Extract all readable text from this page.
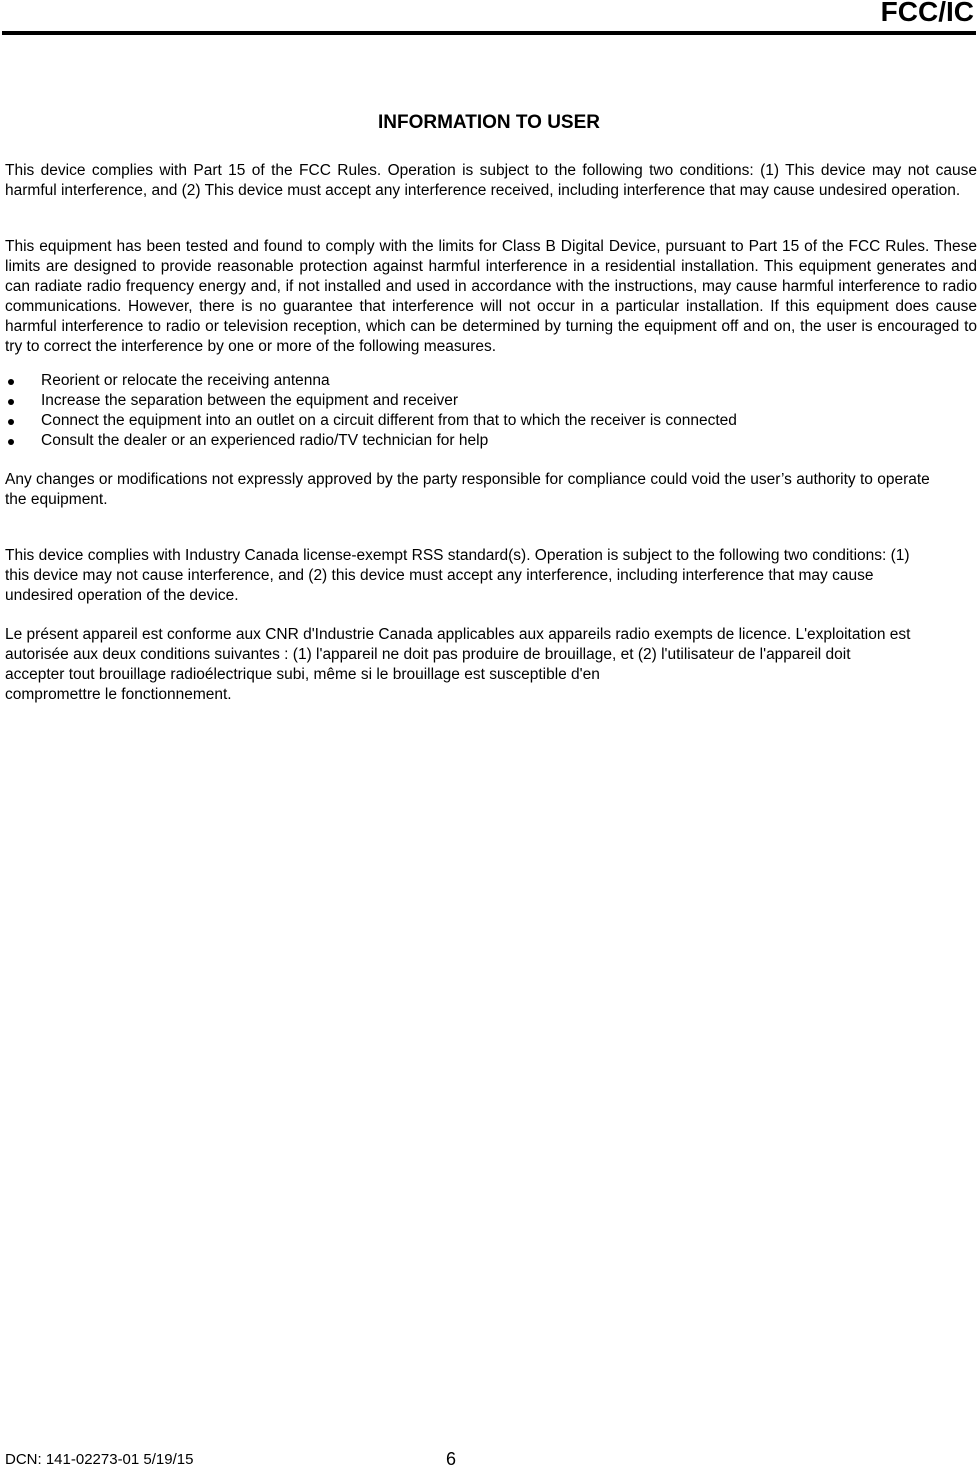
FCC/IC
INFORMATION TO USER

This device complies with Part 15 of the FCC Rules. Operation is subject to the following two conditions: (1) This device may not cause harmful interference, and (2) This device must accept any interference received, including interference that may cause undesired operation.

This equipment has been tested and found to comply with the limits for Class B Digital Device, pursuant to Part 15 of the FCC Rules. These limits are designed to provide reasonable protection against harmful interference in a residential installation. This equipment generates and can radiate radio frequency energy and, if not installed and used in accordance with the instructions, may cause harmful interference to radio communications. However, there is no guarantee that interference will not occur in a particular installation. If this equipment does cause harmful interference to radio or television reception, which can be determined by turning the equipment off and on, the user is encouraged to try to correct the interference by one or more of the following measures.

Reorient or relocate the receiving antenna
Increase the separation between the equipment and receiver
Connect the equipment into an outlet on a circuit different from that to which the receiver is connected
Consult the dealer or an experienced radio/TV technician for help

Any changes or modifications not expressly approved by the party responsible for compliance could void the user’s authority to operate the equipment.

This device complies with Industry Canada license-exempt RSS standard(s). Operation is subject to the following two conditions: (1)
this device may not cause interference, and (2) this device must accept any interference, including interference that may cause
undesired operation of the device.
Le présent appareil est conforme aux CNR d'Industrie Canada applicables aux appareils radio exempts de licence. L'exploitation est
autorisée aux deux conditions suivantes : (1) l'appareil ne doit pas produire de brouillage, et (2) l'utilisateur de l'appareil doit
accepter tout brouillage radioélectrique subi, même si le brouillage est susceptible d'en
compromettre le fonctionnement.
DCN: 141-02273-01 5/19/15	6
